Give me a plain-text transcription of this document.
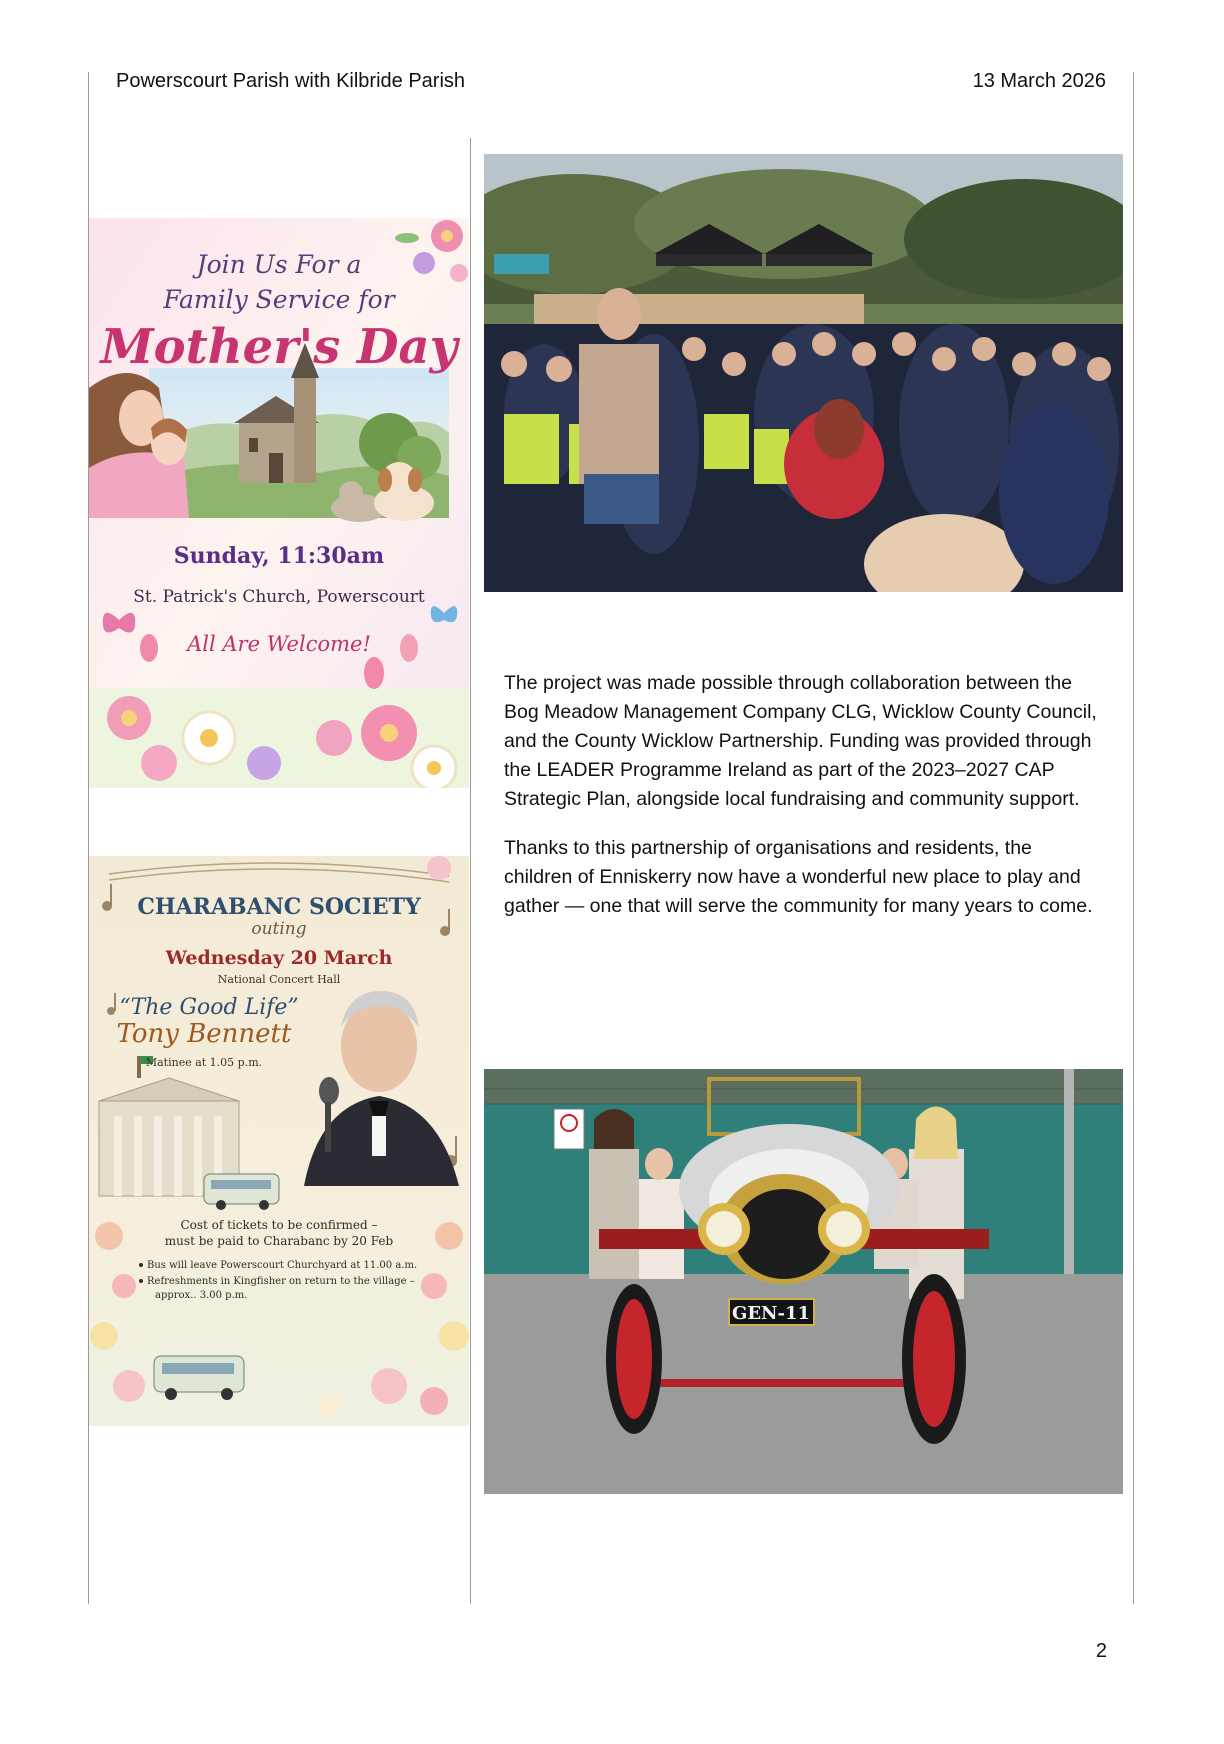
Powerscourt Parish with Kilbride Parish	13 March 2026
Join Us For a
Family Service for
Mother's Day
Sunday, 11:30am
St. Patrick's Church, Powerscourt
All Are Welcome!
CHARABANC SOCIETY
outing
Wednesday 20 March
National Concert Hall
“The Good Life”
Tony Bennett
Matinee at 1.05 p.m.
Cost of tickets to be confirmed –
must be paid to Charabanc by 20 Feb
Bus will leave Powerscourt Churchyard at 11.00 a.m.
Refreshments in Kingfisher on return to the village –
approx.. 3.00 p.m.

The project was made possible through collaboration between the Bog Meadow Management Company CLG, Wicklow County Council, and the County Wicklow Partnership. Funding was provided through the LEADER Programme Ireland as part of the 2023–2027 CAP Strategic Plan, alongside local fundraising and community support.

Thanks to this partnership of organisations and residents, the children of Enniskerry now have a wonderful new place to play and gather — one that will serve the community for many years to come.

GEN-11
2
